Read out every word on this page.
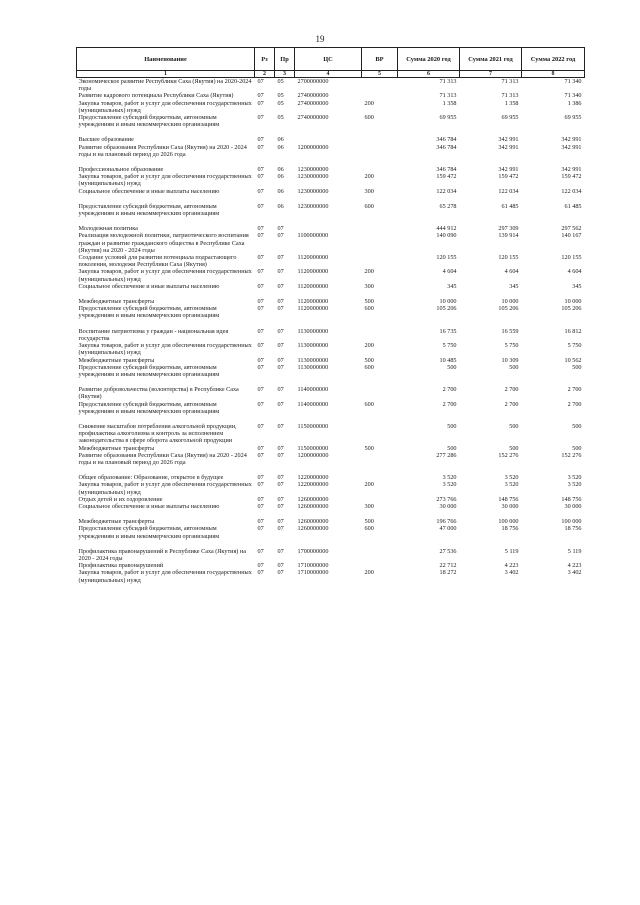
19
Наименование	Рз	Пр	ЦС	ВР	Сумма 2020 год	Сумма 2021 год	Сумма 2022 год
1	2	3	4	5	6	7	8
Экономическое развитие Республики Саха (Якутия) на 2020-2024 годы	07	05	2700000000		71 313	71 313	71 340
Развитие кадрового потенциала Республики Саха (Якутия)	07	05	2740000000		71 313	71 313	71 340
Закупка товаров, работ и услуг для обеспечения государственных (муниципальных) нужд	07	05	2740000000	200	1 358	1 358	1 386
Предоставление субсидий бюджетным, автономным учреждениям и иным некоммерческим организациям	07	05	2740000000	600	69 955	69 955	69 955

Высшее образование	07	06			346 784	342 991	342 991
Развитие образования Республики Саха (Якутия) на 2020 - 2024 годы и на плановый период до 2026 года	07	06	1200000000		346 784	342 991	342 991

Профессиональное образование	07	06	1230000000		346 784	342 991	342 991
Закупка товаров, работ и услуг для обеспечения государственных (муниципальных) нужд	07	06	1230000000	200	159 472	159 472	159 472
Социальное обеспечение и иные выплаты населению	07	06	1230000000	300	122 034	122 034	122 034

Предоставление субсидий бюджетным, автономным учреждениям и иным некоммерческим организациям	07	06	1230000000	600	65 278	61 485	61 485

Молодежная политика	07	07			444 912	297 309	297 562
Реализация молодежной политики, патриотического воспитания граждан и развитие гражданского общества в Республике Саха (Якутия) на 2020 - 2024 годы	07	07	1100000000		140 090	139 914	140 167
Создание условий для развития потенциала подрастающего поколения, молодежи Республики Саха (Якутия)	07	07	1120000000		120 155	120 155	120 155
Закупка товаров, работ и услуг для обеспечения государственных (муниципальных) нужд	07	07	1120000000	200	4 604	4 604	4 604
Социальное обеспечение и иные выплаты населению	07	07	1120000000	300	345	345	345

Межбюджетные трансферты	07	07	1120000000	500	10 000	10 000	10 000
Предоставление субсидий бюджетным, автономным учреждениям и иным некоммерческим организациям	07	07	1120000000	600	105 206	105 206	105 206

Воспитание патриотизма у граждан - национальная идея государства	07	07	1130000000		16 735	16 559	16 812
Закупка товаров, работ и услуг для обеспечения государственных (муниципальных) нужд	07	07	1130000000	200	5 750	5 750	5 750
Межбюджетные трансферты	07	07	1130000000	500	10 485	10 309	10 562
Предоставление субсидий бюджетным, автономным учреждениям и иным некоммерческим организациям	07	07	1130000000	600	500	500	500

Развитие добровольчества (волонтерства) в Республике Саха (Якутия)	07	07	1140000000		2 700	2 700	2 700
Предоставление субсидий бюджетным, автономным учреждениям и иным некоммерческим организациям	07	07	1140000000	600	2 700	2 700	2 700

Снижение масштабов потребления алкогольной продукции, профилактика алкоголизма и контроль за исполнением законодательства в сфере оборота алкогольной продукции	07	07	1150000000		500	500	500
Межбюджетные трансферты	07	07	1150000000	500	500	500	500
Развитие образования Республики Саха (Якутия) на 2020 - 2024 годы и на плановый период до 2026 года	07	07	1200000000		277 286	152 276	152 276

Общее образование: Образование, открытое в будущее	07	07	1220000000		3 520	3 520	3 520
Закупка товаров, работ и услуг для обеспечения государственных (муниципальных) нужд	07	07	1220000000	200	3 520	3 520	3 520
Отдых детей и их оздоровление	07	07	1260000000		273 766	148 756	148 756
Социальное обеспечение и иные выплаты населению	07	07	1260000000	300	30 000	30 000	30 000

Межбюджетные трансферты	07	07	1260000000	500	196 766	100 000	100 000
Предоставление субсидий бюджетным, автономным учреждениям и иным некоммерческим организациям	07	07	1260000000	600	47 000	18 756	18 756

Профилактика правонарушений в Республике Саха (Якутия) на 2020 - 2024 годы	07	07	1700000000		27 536	5 119	5 119
Профилактика правонарушений	07	07	1710000000		22 712	4 223	4 223
Закупка товаров, работ и услуг для обеспечения государственных (муниципальных) нужд	07	07	1710000000	200	18 272	3 402	3 402
